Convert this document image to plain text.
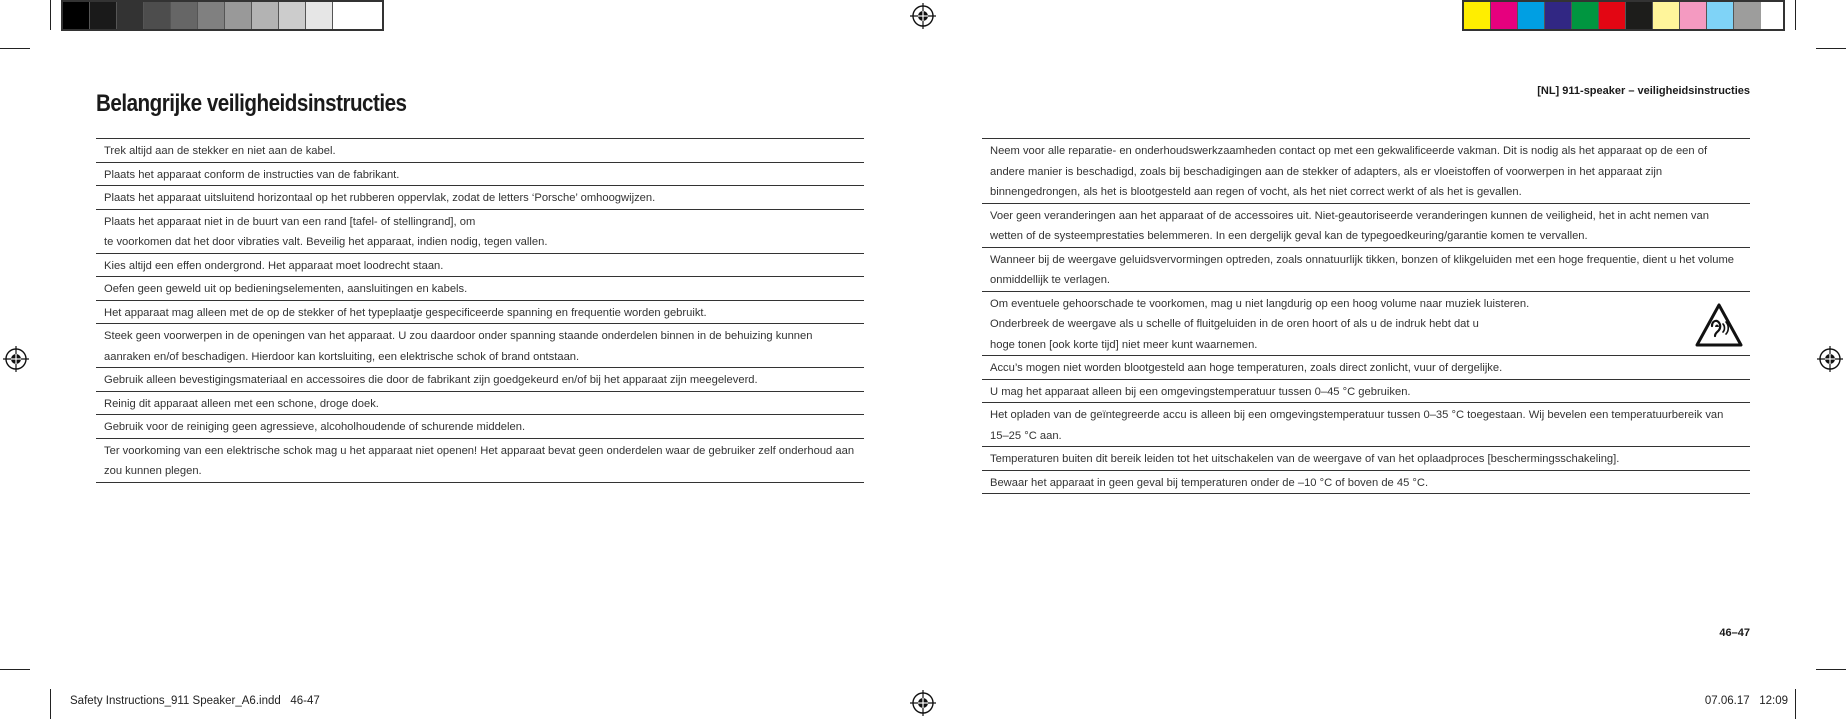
Belangrijke veiligheidsinstructies
Trek altijd aan de stekker en niet aan de kabel.
Plaats het apparaat conform de instructies van de fabrikant.
Plaats het apparaat uitsluitend horizontaal op het rubberen oppervlak, zodat de letters ‘Porsche’ omhoogwijzen.
Plaats het apparaat niet in de buurt van een rand [tafel- of stellingrand], om
te voorkomen dat het door vibraties valt. Beveilig het apparaat, indien nodig, tegen vallen.
Kies altijd een effen ondergrond. Het apparaat moet loodrecht staan.
Oefen geen geweld uit op bedieningselementen, aansluitingen en kabels.
Het apparaat mag alleen met de op de stekker of het typeplaatje gespecificeerde spanning en frequentie worden gebruikt.
Steek geen voorwerpen in de openingen van het apparaat. U zou daardoor onder spanning staande onderdelen binnen in de behuizing kunnen aanraken en/of beschadigen. Hierdoor kan kortsluiting, een elektrische schok of brand ontstaan.
Gebruik alleen bevestigingsmateriaal en accessoires die door de fabrikant zijn goedgekeurd en/of bij het apparaat zijn meegeleverd.
Reinig dit apparaat alleen met een schone, droge doek.
Gebruik voor de reiniging geen agressieve, alcoholhoudende of schurende middelen.
Ter voorkoming van een elektrische schok mag u het apparaat niet openen! Het apparaat bevat geen onderdelen waar de gebruiker zelf onderhoud aan zou kunnen plegen.
[NL] 911-speaker – veiligheidsinstructies
Neem voor alle reparatie- en onderhoudswerkzaamheden contact op met een gekwalificeerde vakman. Dit is nodig als het apparaat op de een of andere manier is beschadigd, zoals bij beschadigingen aan de stekker of adapters, als er vloeistoffen of voorwerpen in het apparaat zijn binnengedrongen, als het is blootgesteld aan regen of vocht, als het niet correct werkt of als het is gevallen.
Voer geen veranderingen aan het apparaat of de accessoires uit. Niet-geautoriseerde veranderingen kunnen de veiligheid, het in acht nemen van wetten of de systeemprestaties belemmeren. In een dergelijk geval kan de typegoedkeuring/garantie komen te vervallen.
Wanneer bij de weergave geluidsvervormingen optreden, zoals onnatuurlijk tikken, bonzen of klikgeluiden met een hoge frequentie, dient u het volume onmiddellijk te verlagen.
Om eventuele gehoorschade te voorkomen, mag u niet langdurig op een hoog volume naar muziek luisteren.
Onderbreek de weergave als u schelle of fluitgeluiden in de oren hoort of als u de indruk hebt dat u
hoge tonen [ook korte tijd] niet meer kunt waarnemen.
Accu’s mogen niet worden blootgesteld aan hoge temperaturen, zoals direct zonlicht, vuur of dergelijke.
U mag het apparaat alleen bij een omgevingstemperatuur tussen 0–45 °C gebruiken.
Het opladen van de geïntegreerde accu is alleen bij een omgevingstemperatuur tussen 0–35 °C toegestaan. Wij bevelen een temperatuurbereik van 15–25 °C aan.
Temperaturen buiten dit bereik leiden tot het uitschakelen van de weergave of van het oplaadproces [beschermingsschakeling].
Bewaar het apparaat in geen geval bij temperaturen onder de –10 °C of boven de 45 °C.
46–47
Safety Instructions_911 Speaker_A6.indd   46-47	07.06.17   12:09
